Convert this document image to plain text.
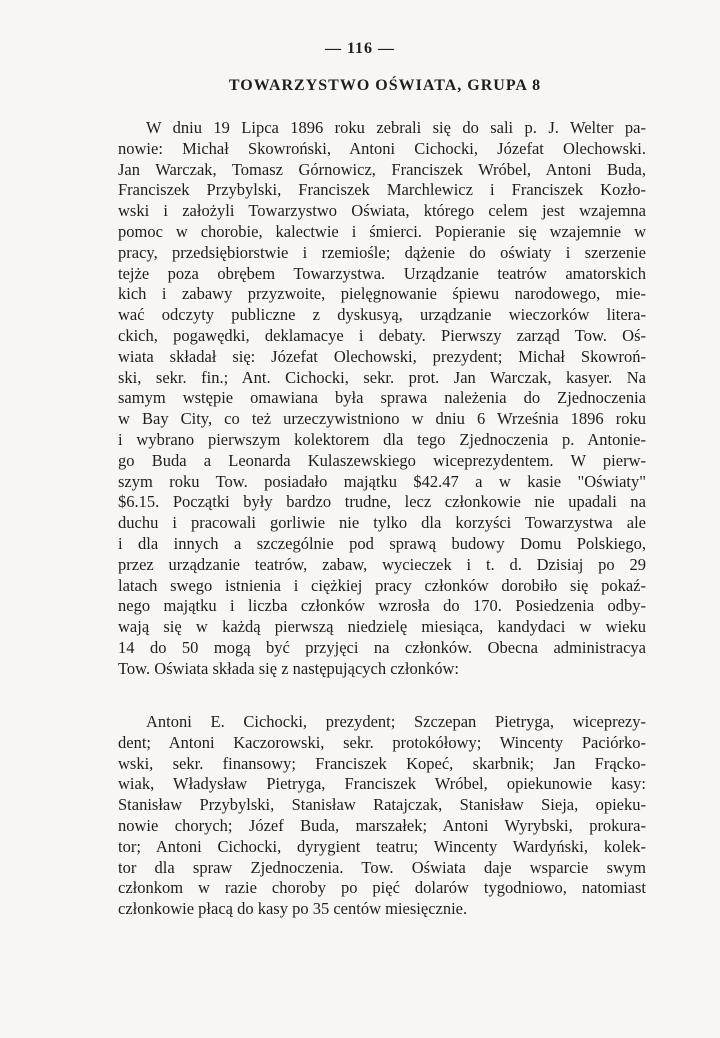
— 116 —
TOWARZYSTWO OŚWIATA, GRUPA 8
W dniu 19 Lipca 1896 roku zebrali się do sali p. J. Welter pa-
nowie: Michał Skowroński, Antoni Cichocki, Józefat Olechowski.
Jan Warczak, Tomasz Górnowicz, Franciszek Wróbel, Antoni Buda,
Franciszek Przybylski, Franciszek Marchlewicz i Franciszek Kozło-
wski i założyli Towarzystwo Oświata, którego celem jest wzajemna
pomoc w chorobie, kalectwie i śmierci. Popieranie się wzajemnie w
pracy, przedsiębiorstwie i rzemiośle; dążenie do oświaty i szerzenie
tejże poza obrębem Towarzystwa. Urządzanie teatrów amatorskich
kich i zabawy przyzwoite, pielęgnowanie śpiewu narodowego, mie-
wać odczyty publiczne z dyskusyą, urządzanie wieczorków litera-
ckich, pogawędki, deklamacye i debaty. Pierwszy zarząd Tow. Oś-
wiata składał się: Józefat Olechowski, prezydent; Michał Skowroń-
ski, sekr. fin.; Ant. Cichocki, sekr. prot. Jan Warczak, kasyer. Na
samym wstępie omawiana była sprawa należenia do Zjednoczenia
w Bay City, co też urzeczywistniono w dniu 6 Września 1896 roku
i wybrano pierwszym kolektorem dla tego Zjednoczenia p. Antonie-
go Buda a Leonarda Kulaszewskiego wiceprezydentem. W pierw-
szym roku Tow. posiadało majątku $42.47 a w kasie "Oświaty"
$6.15. Początki były bardzo trudne, lecz członkowie nie upadali na
duchu i pracowali gorliwie nie tylko dla korzyści Towarzystwa ale
i dla innych a szczególnie pod sprawą budowy Domu Polskiego,
przez urządzanie teatrów, zabaw, wycieczek i t. d. Dzisiaj po 29
latach swego istnienia i ciężkiej pracy członków dorobiło się pokaź-
nego majątku i liczba członków wzrosła do 170. Posiedzenia odby-
wają się w każdą pierwszą niedzielę miesiąca, kandydaci w wieku
14 do 50 mogą być przyjęci na członków. Obecna administracya
Tow. Oświata składa się z następujących członków:
Antoni E. Cichocki, prezydent; Szczepan Pietryga, wiceprezy-
dent; Antoni Kaczorowski, sekr. protokółowy; Wincenty Paciórko-
wski, sekr. finansowy; Franciszek Kopeć, skarbnik; Jan Frącko-
wiak, Władysław Pietryga, Franciszek Wróbel, opiekunowie kasy:
Stanisław Przybylski, Stanisław Ratajczak, Stanisław Sieja, opieku-
nowie chorych; Józef Buda, marszałek; Antoni Wyrybski, prokura-
tor; Antoni Cichocki, dyrygient teatru; Wincenty Wardyński, kolek-
tor dla spraw Zjednoczenia. Tow. Oświata daje wsparcie swym
członkom w razie choroby po pięć dolarów tygodniowo, natomiast
członkowie płacą do kasy po 35 centów miesięcznie.
